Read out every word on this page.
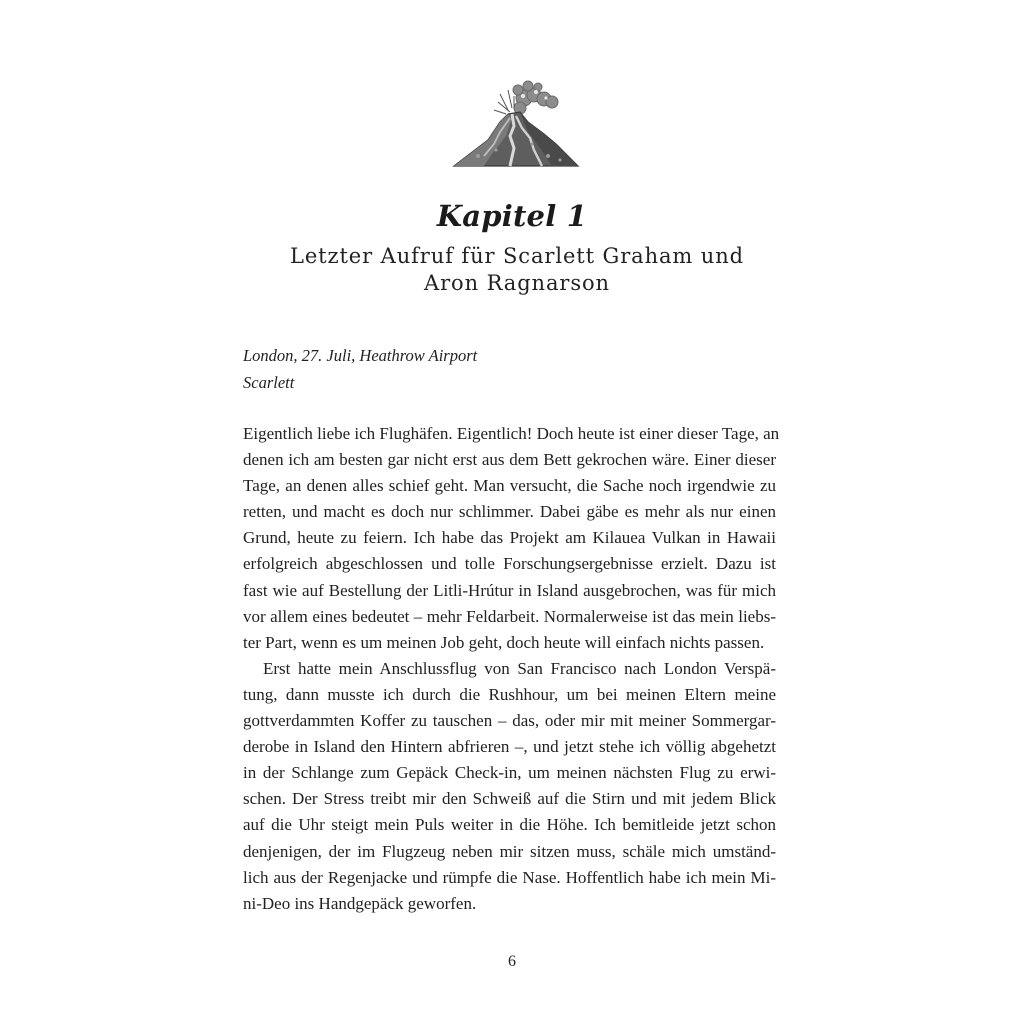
Kapitel 1
Letzter Aufruf für Scarlett Graham und Aron Ragnarson
London, 27. Juli, Heathrow Airport
Scarlett
Eigentlich liebe ich Flughäfen. Eigentlich! Doch heute ist einer dieser Tage, an
denen ich am besten gar nicht erst aus dem Bett gekrochen wäre. Einer dieser
Tage, an denen alles schief geht. Man versucht, die Sache noch irgendwie zu
retten, und macht es doch nur schlimmer. Dabei gäbe es mehr als nur einen
Grund, heute zu feiern. Ich habe das Projekt am Kilauea Vulkan in Hawaii
erfolgreich abgeschlossen und tolle Forschungsergebnisse erzielt. Dazu ist
fast wie auf Bestellung der Litli-Hrútur in Island ausgebrochen, was für mich
vor allem eines bedeutet – mehr Feldarbeit. Normalerweise ist das mein liebs-
ter Part, wenn es um meinen Job geht, doch heute will einfach nichts passen.
Erst hatte mein Anschlussflug von San Francisco nach London Verspä-
tung, dann musste ich durch die Rushhour, um bei meinen Eltern meine
gottverdammten Koffer zu tauschen – das, oder mir mit meiner Sommergar-
derobe in Island den Hintern abfrieren –, und jetzt stehe ich völlig abgehetzt
in der Schlange zum Gepäck Check-in, um meinen nächsten Flug zu erwi-
schen. Der Stress treibt mir den Schweiß auf die Stirn und mit jedem Blick
auf die Uhr steigt mein Puls weiter in die Höhe. Ich bemitleide jetzt schon
denjenigen, der im Flugzeug neben mir sitzen muss, schäle mich umständ-
lich aus der Regenjacke und rümpfe die Nase. Hoffentlich habe ich mein Mi-
ni-Deo ins Handgepäck geworfen.
6
